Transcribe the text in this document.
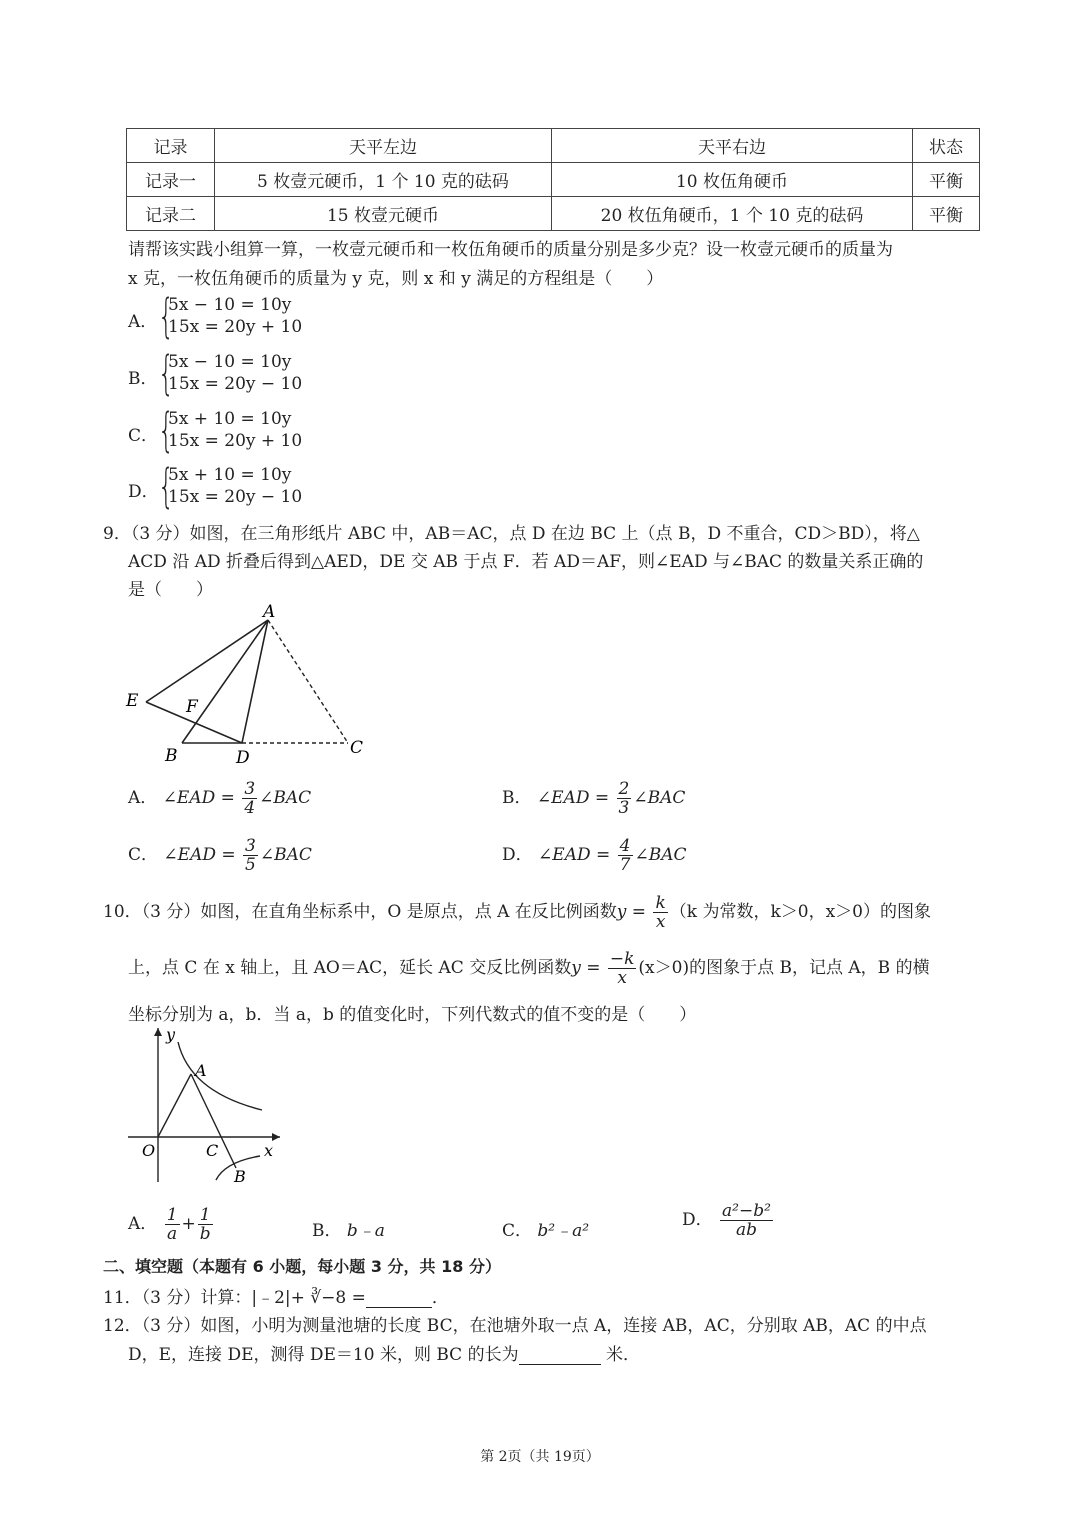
记录	天平左边	天平右边	状态
记录一	5 枚壹元硬币，1 个 10 克的砝码	10 枚伍角硬币	平衡
记录二	15 枚壹元硬币	20 枚伍角硬币，1 个 10 克的砝码	平衡
请帮该实践小组算一算，一枚壹元硬币和一枚伍角硬币的质量分别是多少克？设一枚壹元硬币的质量为
x 克，一枚伍角硬币的质量为 y 克，则 x 和 y 满足的方程组是（　　）
A． {
5x − 10 = 10y
15x = 20y + 10
B． {
5x − 10 = 10y
15x = 20y − 10
C． {
5x + 10 = 10y
15x = 20y + 10
D． {
5x + 10 = 10y
15x = 20y − 10
9．（3 分）如图，在三角形纸片 ABC 中，AB＝AC，点 D 在边 BC 上（点 B，D 不重合，CD＞BD），将△
ACD 沿 AD 折叠后得到△AED，DE 交 AB 于点 F．若 AD＝AF，则∠EAD 与∠BAC 的数量关系正确的
是（　　）
A
E	F
B	D	C
A． ∠EAD = $\frac{3}{4}$ ∠BAC	B． ∠EAD = $\frac{2}{3}$ ∠BAC
C． ∠EAD = $\frac{3}{5}$ ∠BAC	D． ∠EAD = $\frac{4}{7}$ ∠BAC
10．（3 分）如图，在直角坐标系中，O 是原点，点 A 在反比例函数$y = \frac{k}{x} (k$ 为常数，k＞0，x＞0）的图象
上，点 C 在 x 轴上，且 AO＝AC，延长 AC 交反比例函数$y = \frac{-k}{x} (x>0)$的图象于点 B，记点 A，B 的横
坐标分别为 a，b．当 a，b 的值变化时，下列代数式的值不变的是（　　）
y
x
O
A
C
B
A． $\frac{1}{a} + \frac{1}{b}$	B． b﹣a	C． b²﹣a²
D． $\frac{\text{a²−b²}}{ab}$
二、填空题（本题有 6 小题，每小题 3 分，共 18 分）
11．（3 分）计算：|﹣2|+ ∛−8 =	．
12．（3 分）如图，小明为测量池塘的长度 BC，在池塘外取一点 A，连接 AB，AC，分别取 AB，AC 的中点
D，E，连接 DE，测得 DE＝10 米，则 BC 的长为	米．
第 2页（共 19页）
